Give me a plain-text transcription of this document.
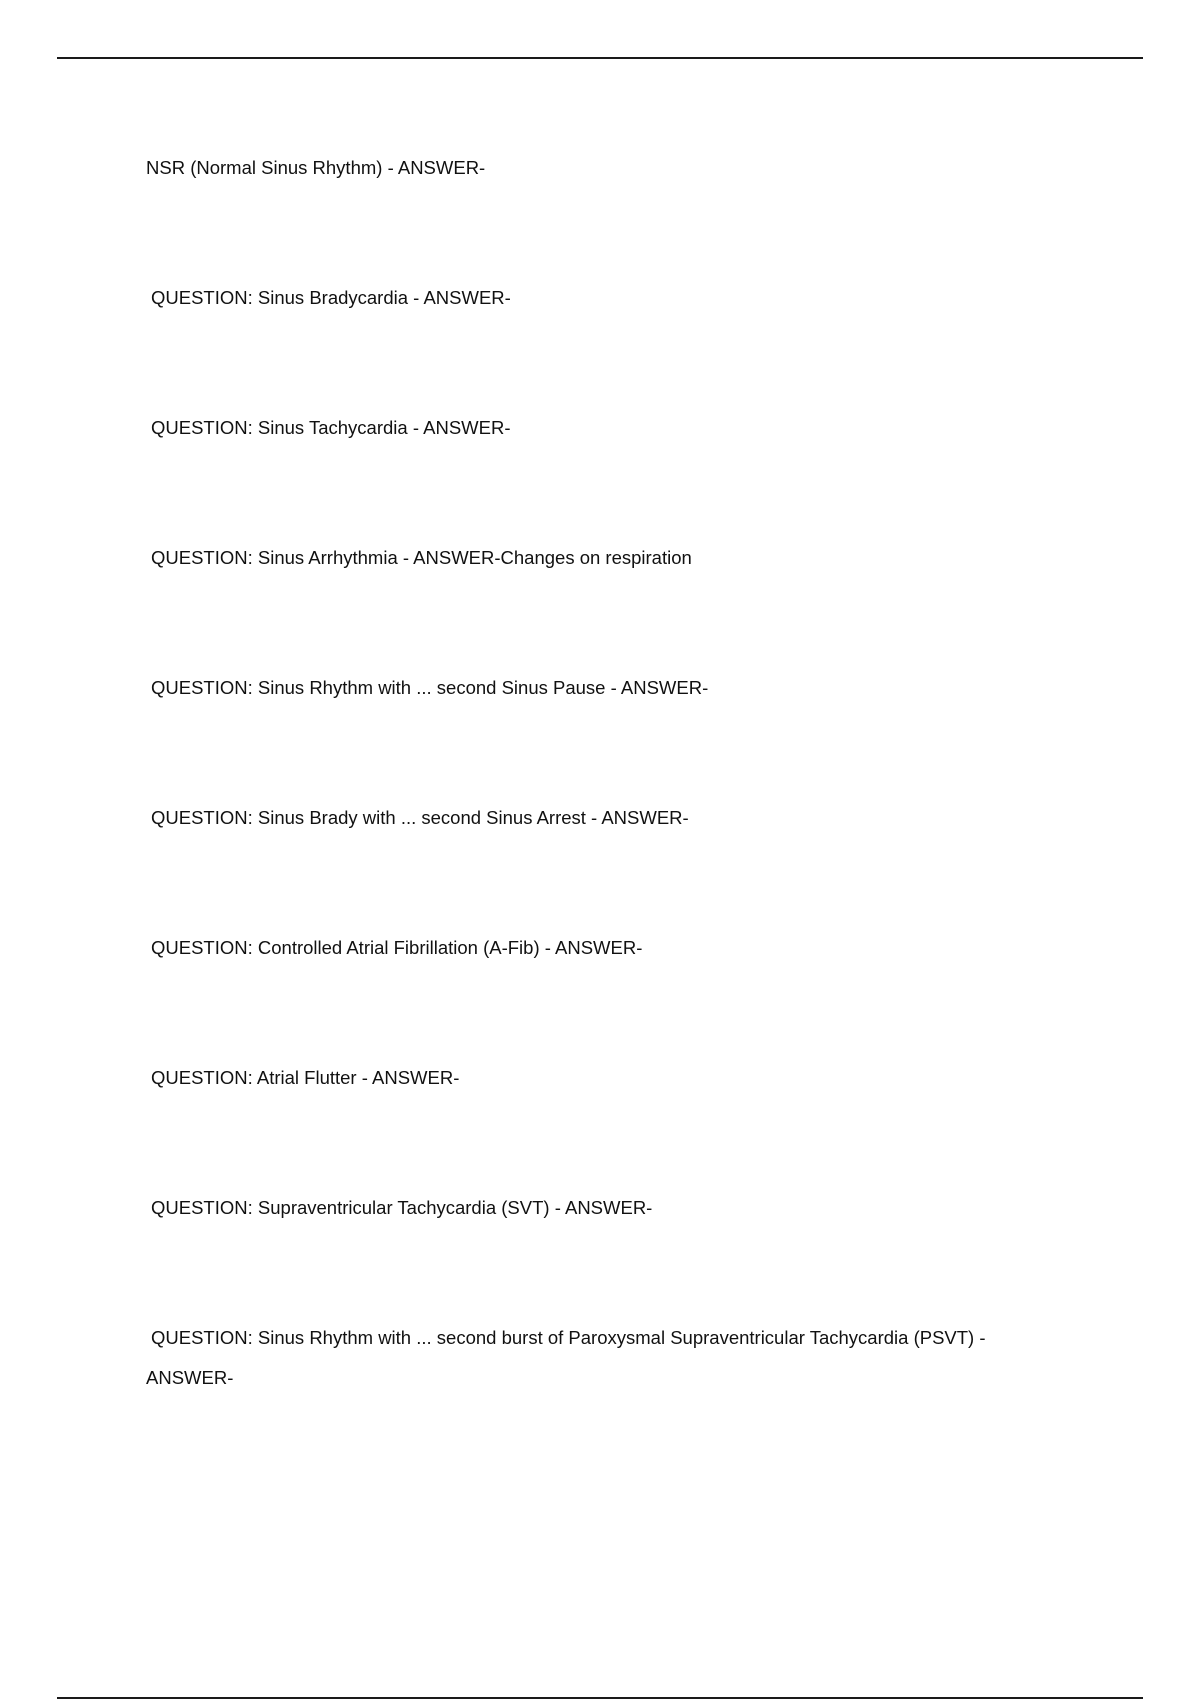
NSR (Normal Sinus Rhythm) - ANSWER-
QUESTION: Sinus Bradycardia - ANSWER-
QUESTION: Sinus Tachycardia - ANSWER-
QUESTION: Sinus Arrhythmia - ANSWER-Changes on respiration
QUESTION: Sinus Rhythm with ... second Sinus Pause - ANSWER-
QUESTION: Sinus Brady with ... second Sinus Arrest - ANSWER-
QUESTION: Controlled Atrial Fibrillation (A-Fib) - ANSWER-
QUESTION: Atrial Flutter - ANSWER-
QUESTION: Supraventricular Tachycardia (SVT) - ANSWER-
QUESTION: Sinus Rhythm with ... second burst of Paroxysmal Supraventricular Tachycardia (PSVT) -
ANSWER-
